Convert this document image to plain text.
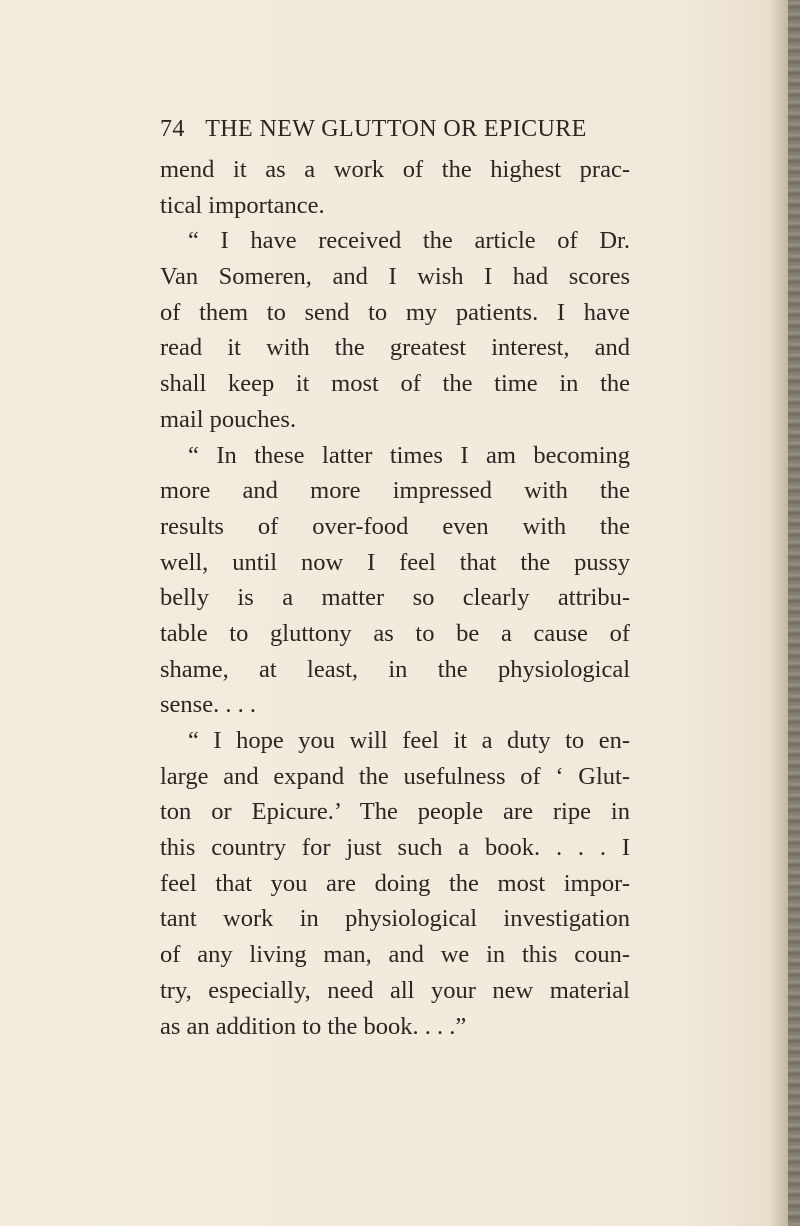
74 THE NEW GLUTTON OR EPICURE
mend it as a work of the highest prac-
tical importance.
“ I have received the article of Dr.
Van Someren, and I wish I had scores
of them to send to my patients. I have
read it with the greatest interest, and
shall keep it most of the time in the
mail pouches.
“ In these latter times I am becoming
more and more impressed with the
results of over-food even with the
well, until now I feel that the pussy
belly is a matter so clearly attribu-
table to gluttony as to be a cause of
shame, at least, in the physiological
sense. . . .
“ I hope you will feel it a duty to en-
large and expand the usefulness of ‘ Glut-
ton or Epicure.’ The people are ripe in
this country for just such a book. . . . I
feel that you are doing the most impor-
tant work in physiological investigation
of any living man, and we in this coun-
try, especially, need all your new material
as an addition to the book. . . .”
